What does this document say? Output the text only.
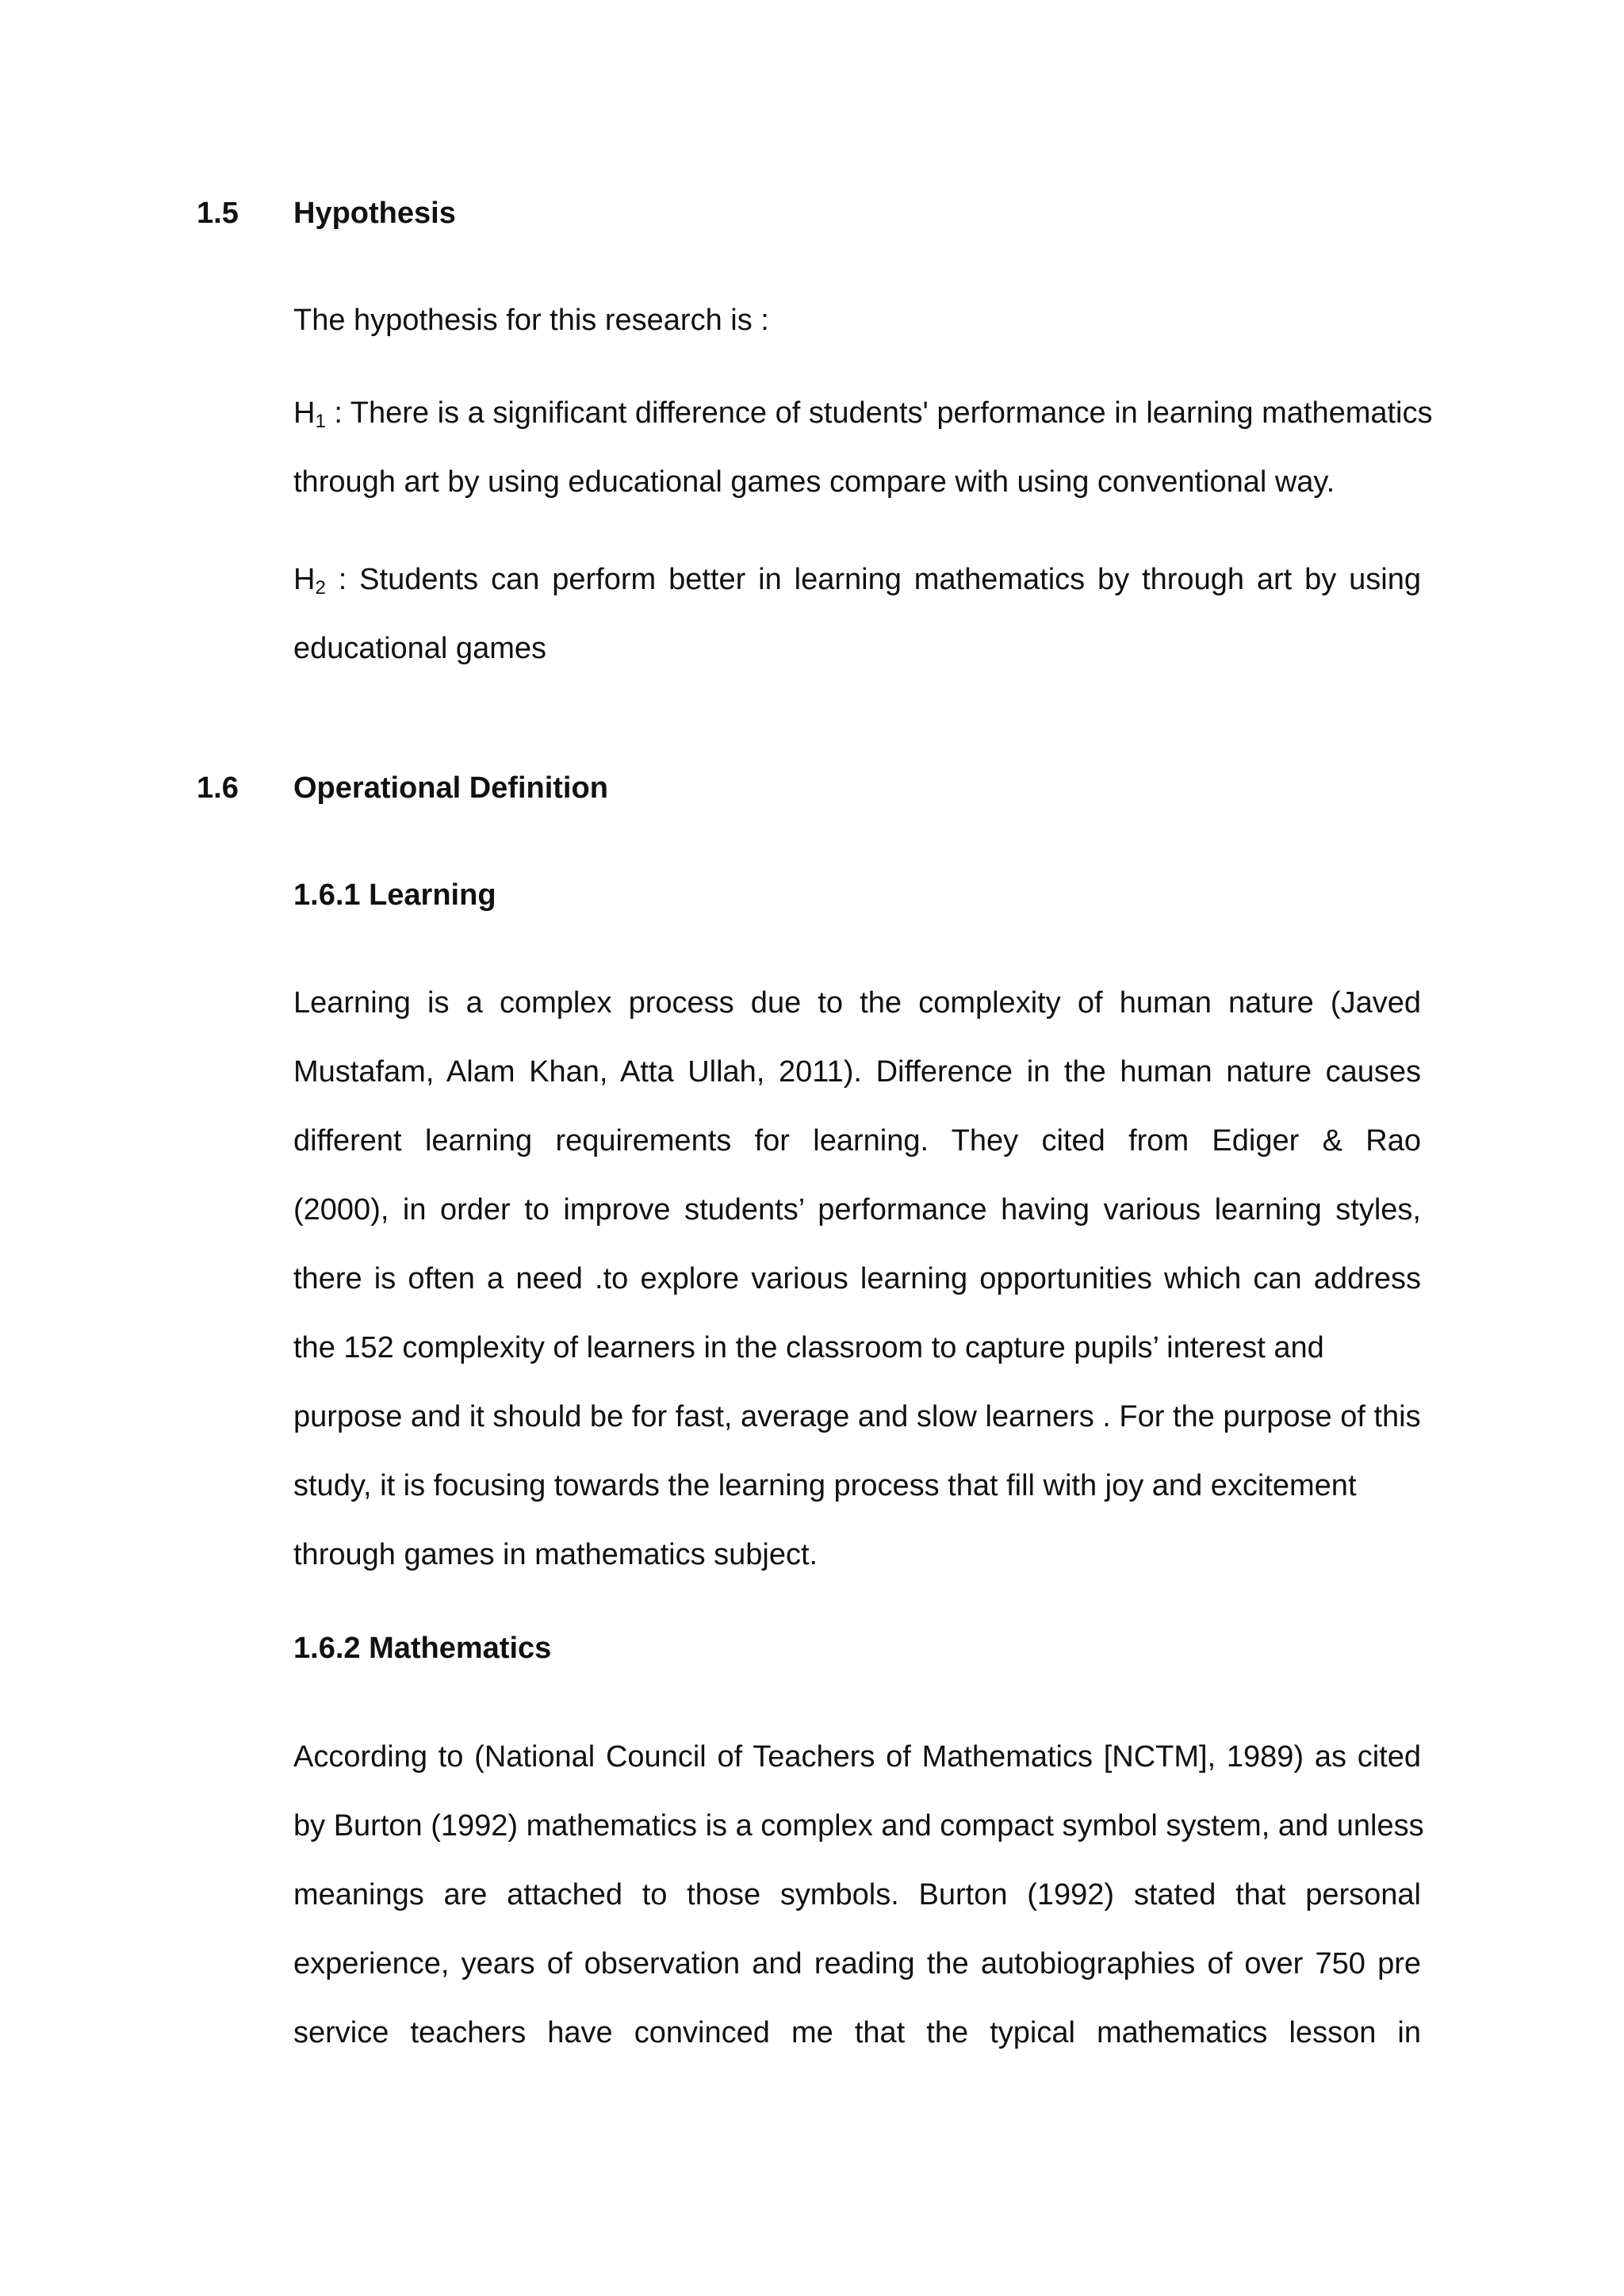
1.5 Hypothesis
The hypothesis for this research is :
$H_1$ : There is a significant difference of students' performance in learning mathematics
through art by using educational games compare with using conventional way.
$H_2$ : Students can perform better in learning mathematics by through art by using
educational games
1.6 Operational Definition
1.6.1 Learning
Learning is a complex process due to the complexity of human nature (Javed
Mustafam, Alam Khan, Atta Ullah, 2011). Difference in the human nature causes
different learning requirements for learning. They cited from Ediger & Rao
(2000), in order to improve students’ performance having various learning styles,
there is often a need .to explore various learning opportunities which can address
the 152 complexity of learners in the classroom to capture pupils’ interest and
purpose and it should be for fast, average and slow learners . For the purpose of this
study, it is focusing towards the learning process that fill with joy and excitement
through games in mathematics subject.
1.6.2 Mathematics
According to (National Council of Teachers of Mathematics [NCTM], 1989) as cited
by Burton (1992) mathematics is a complex and compact symbol system, and unless
meanings are attached to those symbols. Burton (1992) stated that personal
experience, years of observation and reading the autobiographies of over 750 pre
service teachers have convinced me that the typical mathematics lesson in
